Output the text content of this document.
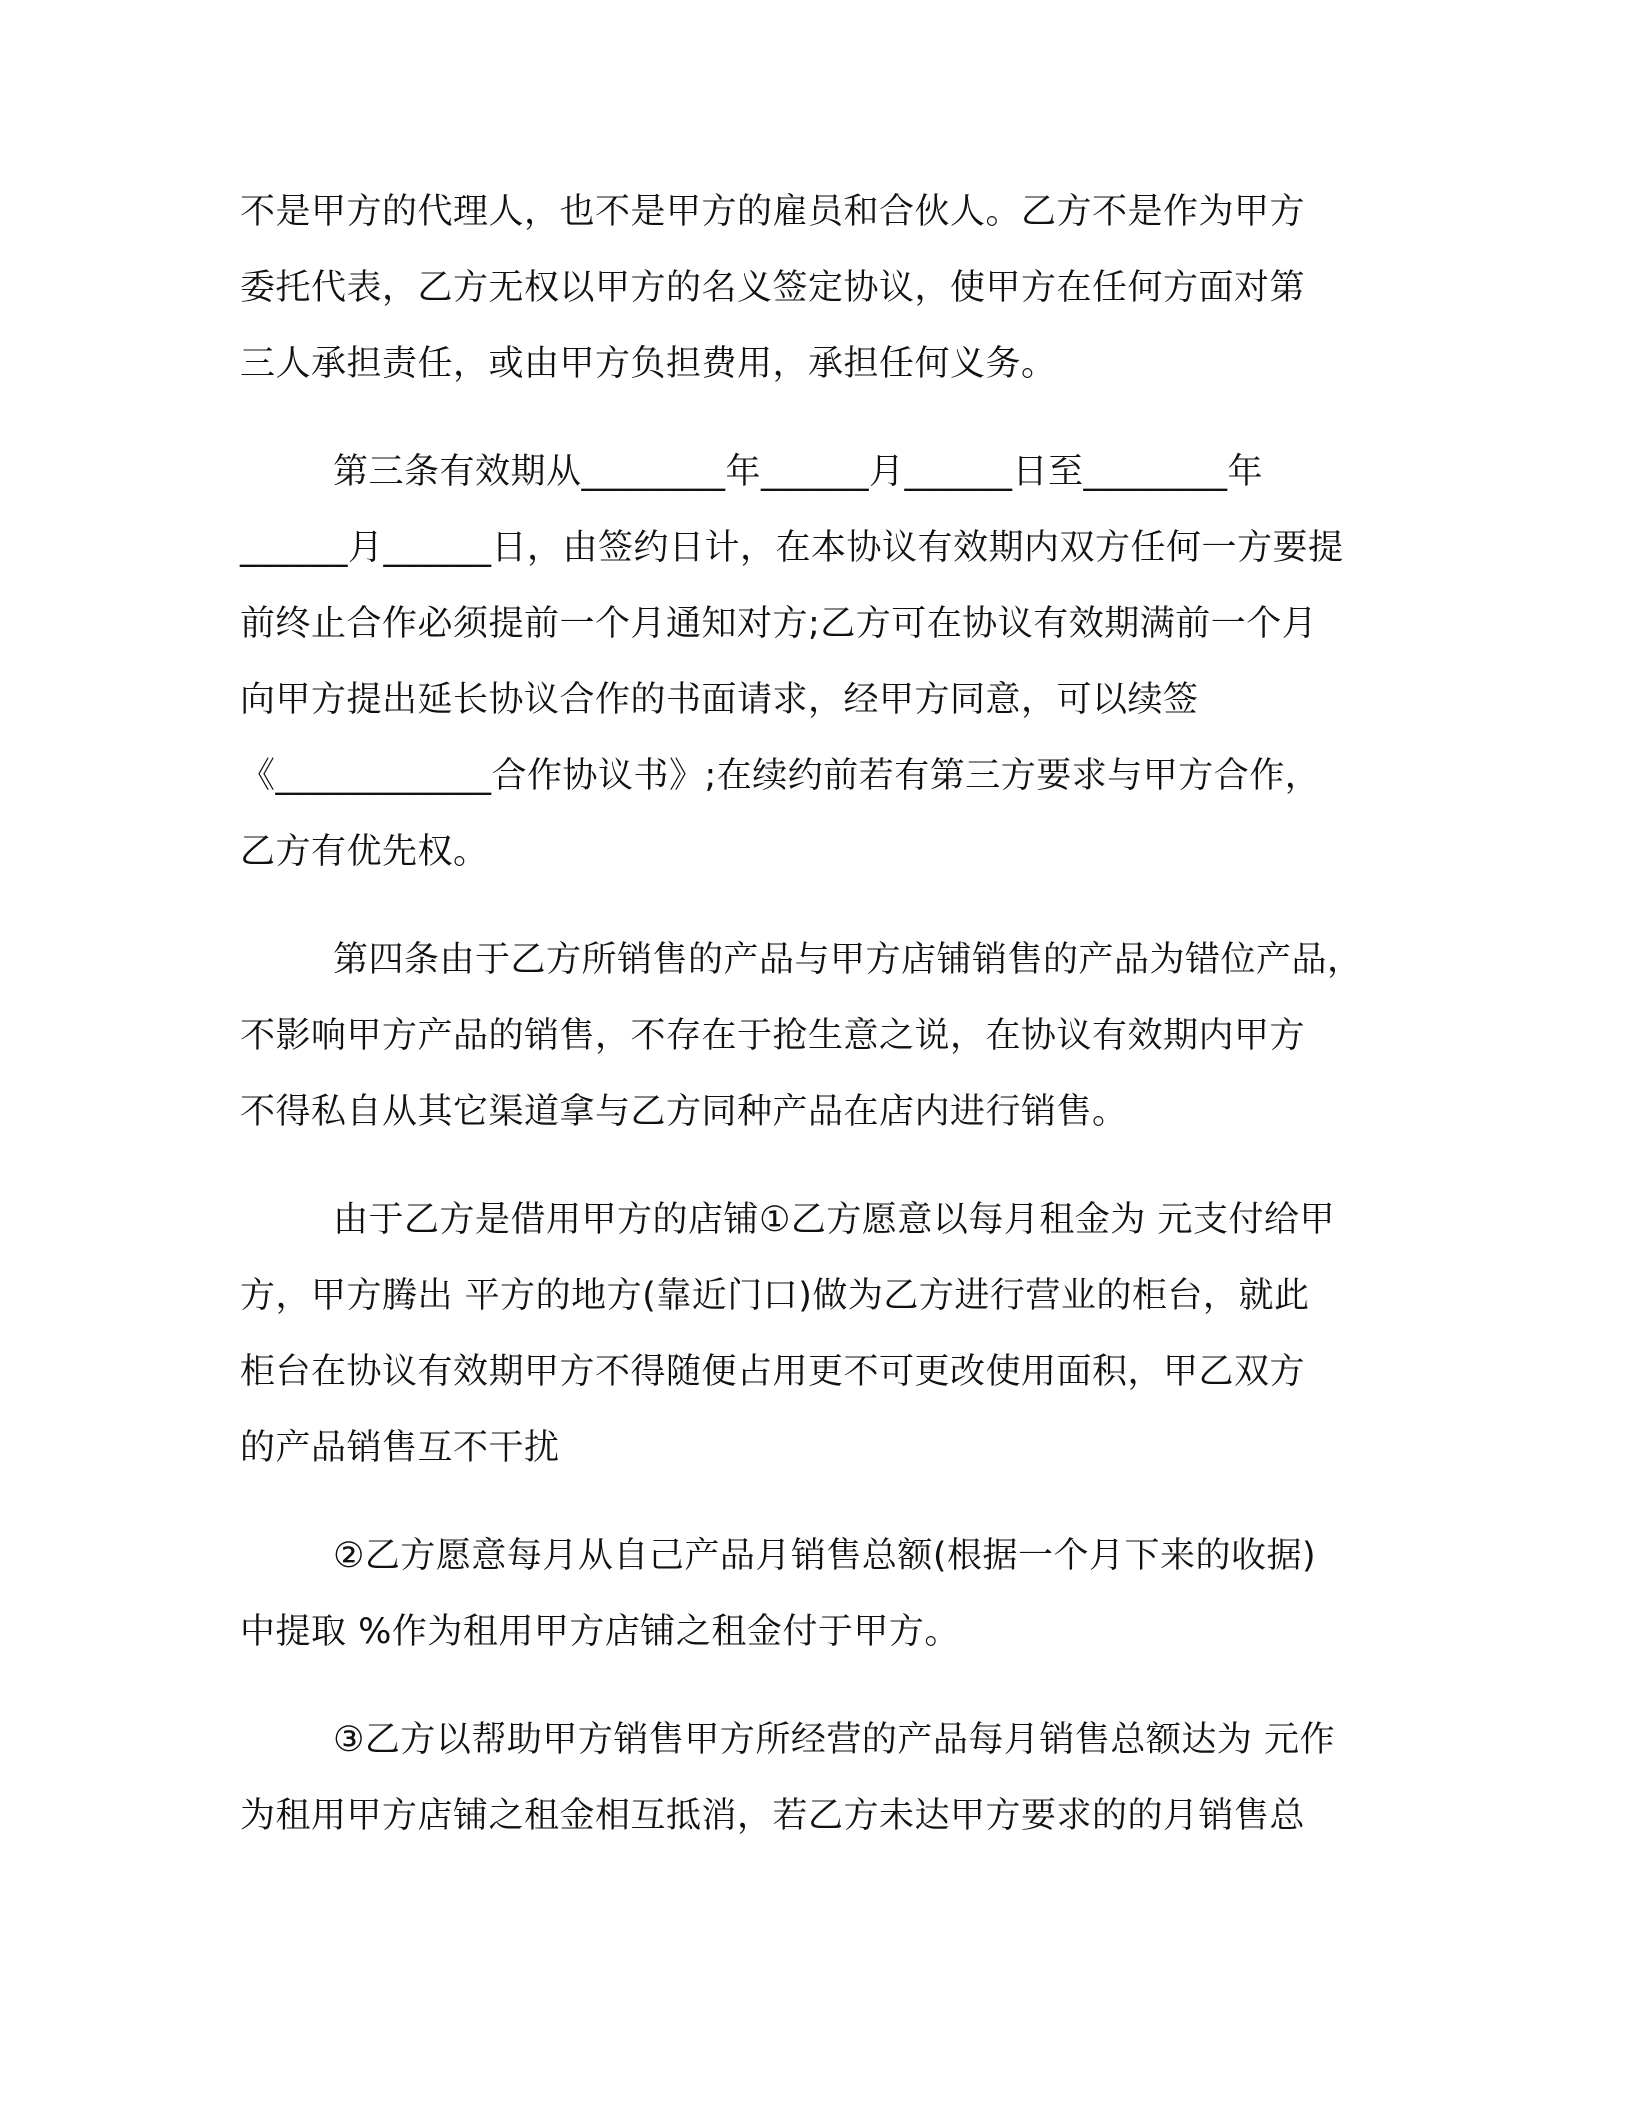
不是甲方的代理人，也不是甲方的雇员和合伙人。乙方不是作为甲方
委托代表，乙方无权以甲方的名义签定协议，使甲方在任何方面对第
三人承担责任，或由甲方负担费用，承担任何义务。
第三条有效期从________年______月______日至________年
______月______日，由签约日计，在本协议有效期内双方任何一方要提
前终止合作必须提前一个月通知对方;乙方可在协议有效期满前一个月
向甲方提出延长协议合作的书面请求，经甲方同意，可以续签
《____________合作协议书》;在续约前若有第三方要求与甲方合作，
乙方有优先权。
第四条由于乙方所销售的产品与甲方店铺销售的产品为错位产品，
不影响甲方产品的销售，不存在于抢生意之说，在协议有效期内甲方
不得私自从其它渠道拿与乙方同种产品在店内进行销售。
由于乙方是借用甲方的店铺①乙方愿意以每月租金为 元支付给甲
方，甲方腾出 平方的地方(靠近门口)做为乙方进行营业的柜台，就此
柜台在协议有效期甲方不得随便占用更不可更改使用面积，甲乙双方
的产品销售互不干扰
②乙方愿意每月从自己产品月销售总额(根据一个月下来的收据)
中提取 %作为租用甲方店铺之租金付于甲方。
③乙方以帮助甲方销售甲方所经营的产品每月销售总额达为 元作
为租用甲方店铺之租金相互抵消，若乙方未达甲方要求的的月销售总
